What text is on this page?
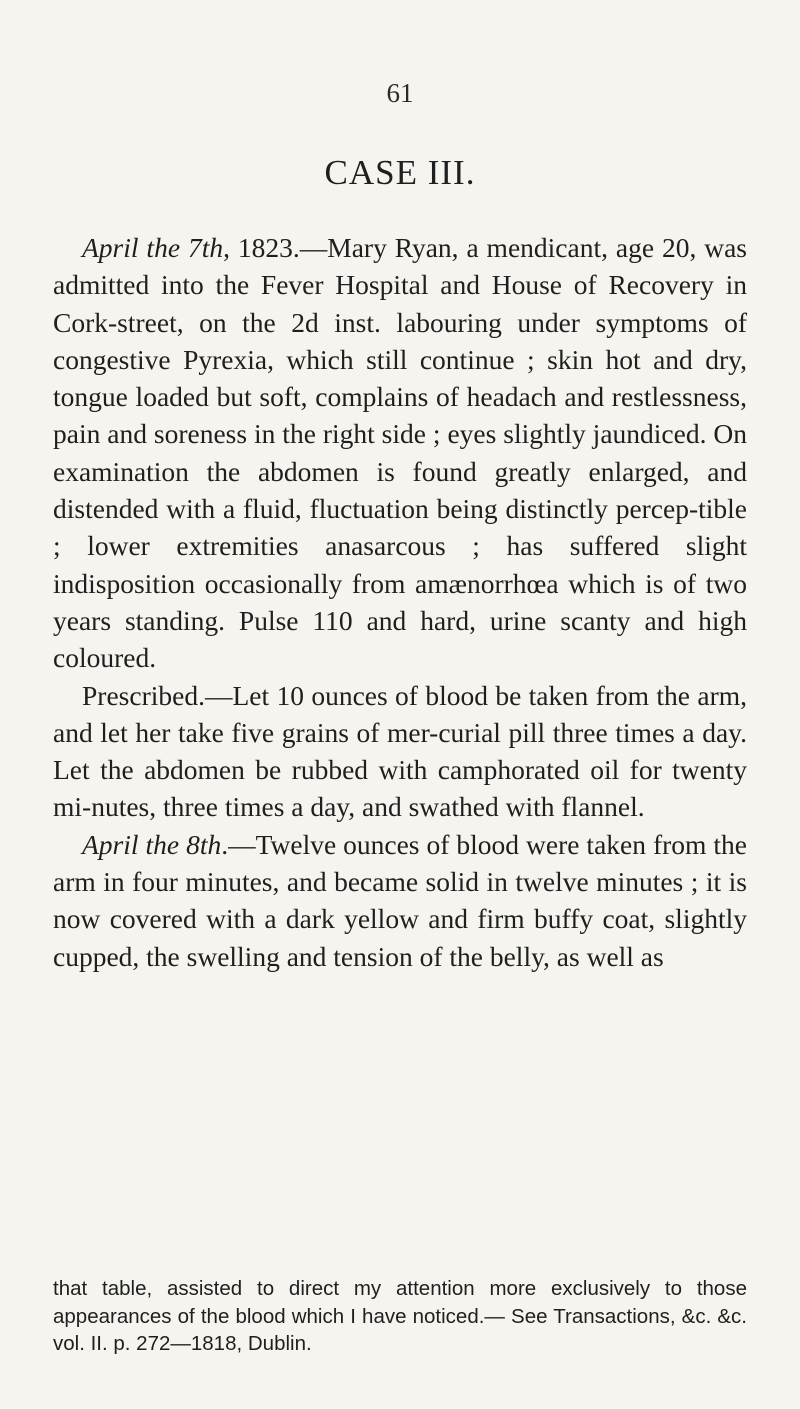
61
CASE III.

April the 7th, 1823.—Mary Ryan, a mendicant, age 20, was admitted into the Fever Hospital and House of Recovery in Cork-street, on the 2d inst. labouring under symptoms of congestive Pyrexia, which still continue ; skin hot and dry, tongue loaded but soft, complains of headach and restlessness, pain and soreness in the right side ; eyes slightly jaundiced. On examination the abdomen is found greatly enlarged, and distended with a fluid, fluctuation being distinctly percep-tible ; lower extremities anasarcous ; has suffered slight indisposition occasionally from amænorrhœa which is of two years standing. Pulse 110 and hard, urine scanty and high coloured.

Prescribed.—Let 10 ounces of blood be taken from the arm, and let her take five grains of mer-curial pill three times a day. Let the abdomen be rubbed with camphorated oil for twenty mi-nutes, three times a day, and swathed with flannel.

April the 8th.—Twelve ounces of blood were taken from the arm in four minutes, and became solid in twelve minutes ; it is now covered with a dark yellow and firm buffy coat, slightly cupped, the swelling and tension of the belly, as well as

that table, assisted to direct my attention more exclusively to those appearances of the blood which I have noticed.— See Transactions, &c. &c. vol. II. p. 272—1818, Dublin.
